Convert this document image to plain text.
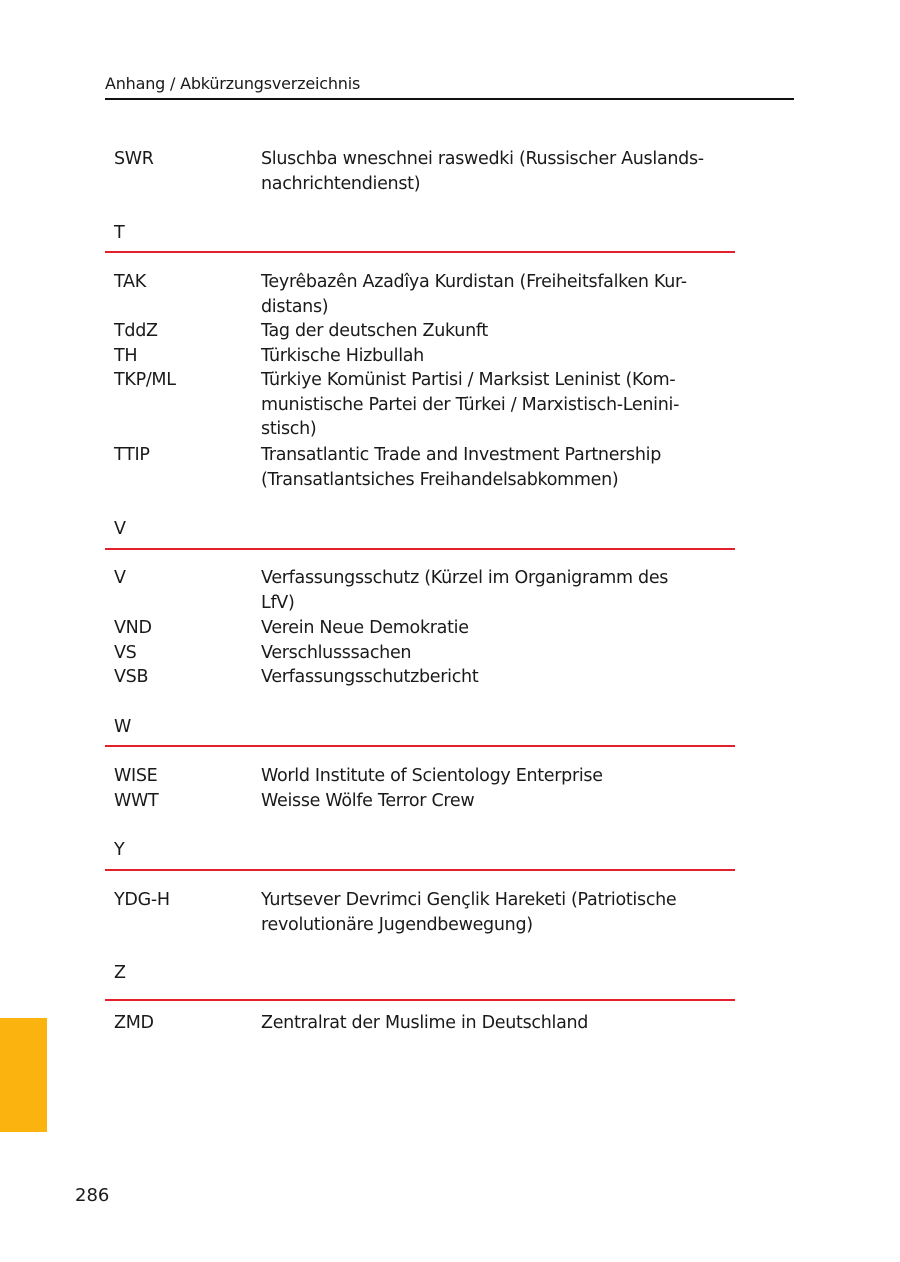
Anhang / Abkürzungsverzeichnis
SWR	Sluschba wneschnei raswedki (Russischer Auslands-
nachrichtendienst)
T
TAK	Teyrêbazên Azadîya Kurdistan (Freiheitsfalken Kur-
distans)
TddZ	Tag der deutschen Zukunft
TH	Türkische Hizbullah
TKP/ML	Türkiye Komünist Partisi / Marksist Leninist (Kom-
munistische Partei der Türkei / Marxistisch-Lenini-
stisch)
TTIP	Transatlantic Trade and Investment Partnership
(Transatlantsiches Freihandelsabkommen)
V
V	Verfassungsschutz (Kürzel im Organigramm des
LfV)
VND	Verein Neue Demokratie
VS	Verschlusssachen
VSB	Verfassungsschutzbericht
W
WISE	World Institute of Scientology Enterprise
WWT	Weisse Wölfe Terror Crew
Y
YDG-H	Yurtsever Devrimci Gençlik Hareketi (Patriotische
revolutionäre Jugendbewegung)
Z
ZMD	Zentralrat der Muslime in Deutschland
286
